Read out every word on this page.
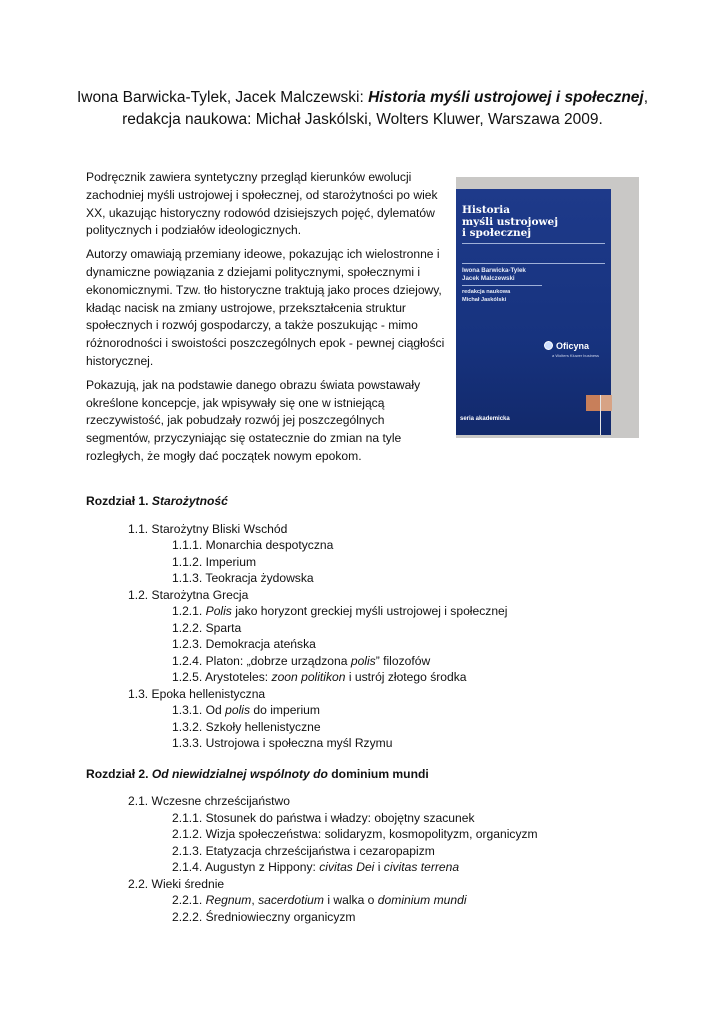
Iwona Barwicka-Tylek, Jacek Malczewski: Historia myśli ustrojowej i społecznej,
redakcja naukowa: Michał Jaskólski, Wolters Kluwer, Warszawa 2009.

Podręcznik zawiera syntetyczny przegląd kierunków ewolucji zachodniej myśli ustrojowej i społecznej, od starożytności po wiek XX, ukazując historyczny rodowód dzisiejszych pojęć, dylematów politycznych i podziałów ideologicznych.

Autorzy omawiają przemiany ideowe, pokazując ich wielostronne i dynamiczne powiązania z dziejami politycznymi, społecznymi i ekonomicznymi. Tzw. tło historyczne traktują jako proces dziejowy, kładąc nacisk na zmiany ustrojowe, przekształcenia struktur społecznych i rozwój gospodarczy, a także poszukując - mimo różnorodności i swoistości poszczególnych epok - pewnej ciągłości historycznej.

Pokazują, jak na podstawie danego obrazu świata powstawały określone koncepcje, jak wpisywały się one w istniejącą rzeczywistość, jak pobudzały rozwój jej poszczególnych segmentów, przyczyniając się ostatecznie do zmian na tyle rozległych, że mogły dać początek nowym epokom.

Historia
myśli ustrojowej
i społecznej
Iwona Barwicka-Tylek
Jacek Malczewski
redakcja naukowa
Michał Jaskólski
Oficyna
a Wolters Kluwer business
seria akademicka
Rozdział 1. Starożytność
1.1. Starożytny Bliski Wschód
1.1.1. Monarchia despotyczna
1.1.2. Imperium
1.1.3. Teokracja żydowska
1.2. Starożytna Grecja
1.2.1. Polis jako horyzont greckiej myśli ustrojowej i społecznej
1.2.2. Sparta
1.2.3. Demokracja ateńska
1.2.4. Platon: „dobrze urządzona polis” filozofów
1.2.5. Arystoteles: zoon politikon i ustrój złotego środka
1.3. Epoka hellenistyczna
1.3.1. Od polis do imperium
1.3.2. Szkoły hellenistyczne
1.3.3. Ustrojowa i społeczna myśl Rzymu
Rozdział 2. Od niewidzialnej wspólnoty do dominium mundi
2.1. Wczesne chrześcijaństwo
2.1.1. Stosunek do państwa i władzy: obojętny szacunek
2.1.2. Wizja społeczeństwa: solidaryzm, kosmopolityzm, organicyzm
2.1.3. Etatyzacja chrześcijaństwa i cezaropapizm
2.1.4. Augustyn z Hippony: civitas Dei i civitas terrena
2.2. Wieki średnie
2.2.1. Regnum, sacerdotium i walka o dominium mundi
2.2.2. Średniowieczny organicyzm
